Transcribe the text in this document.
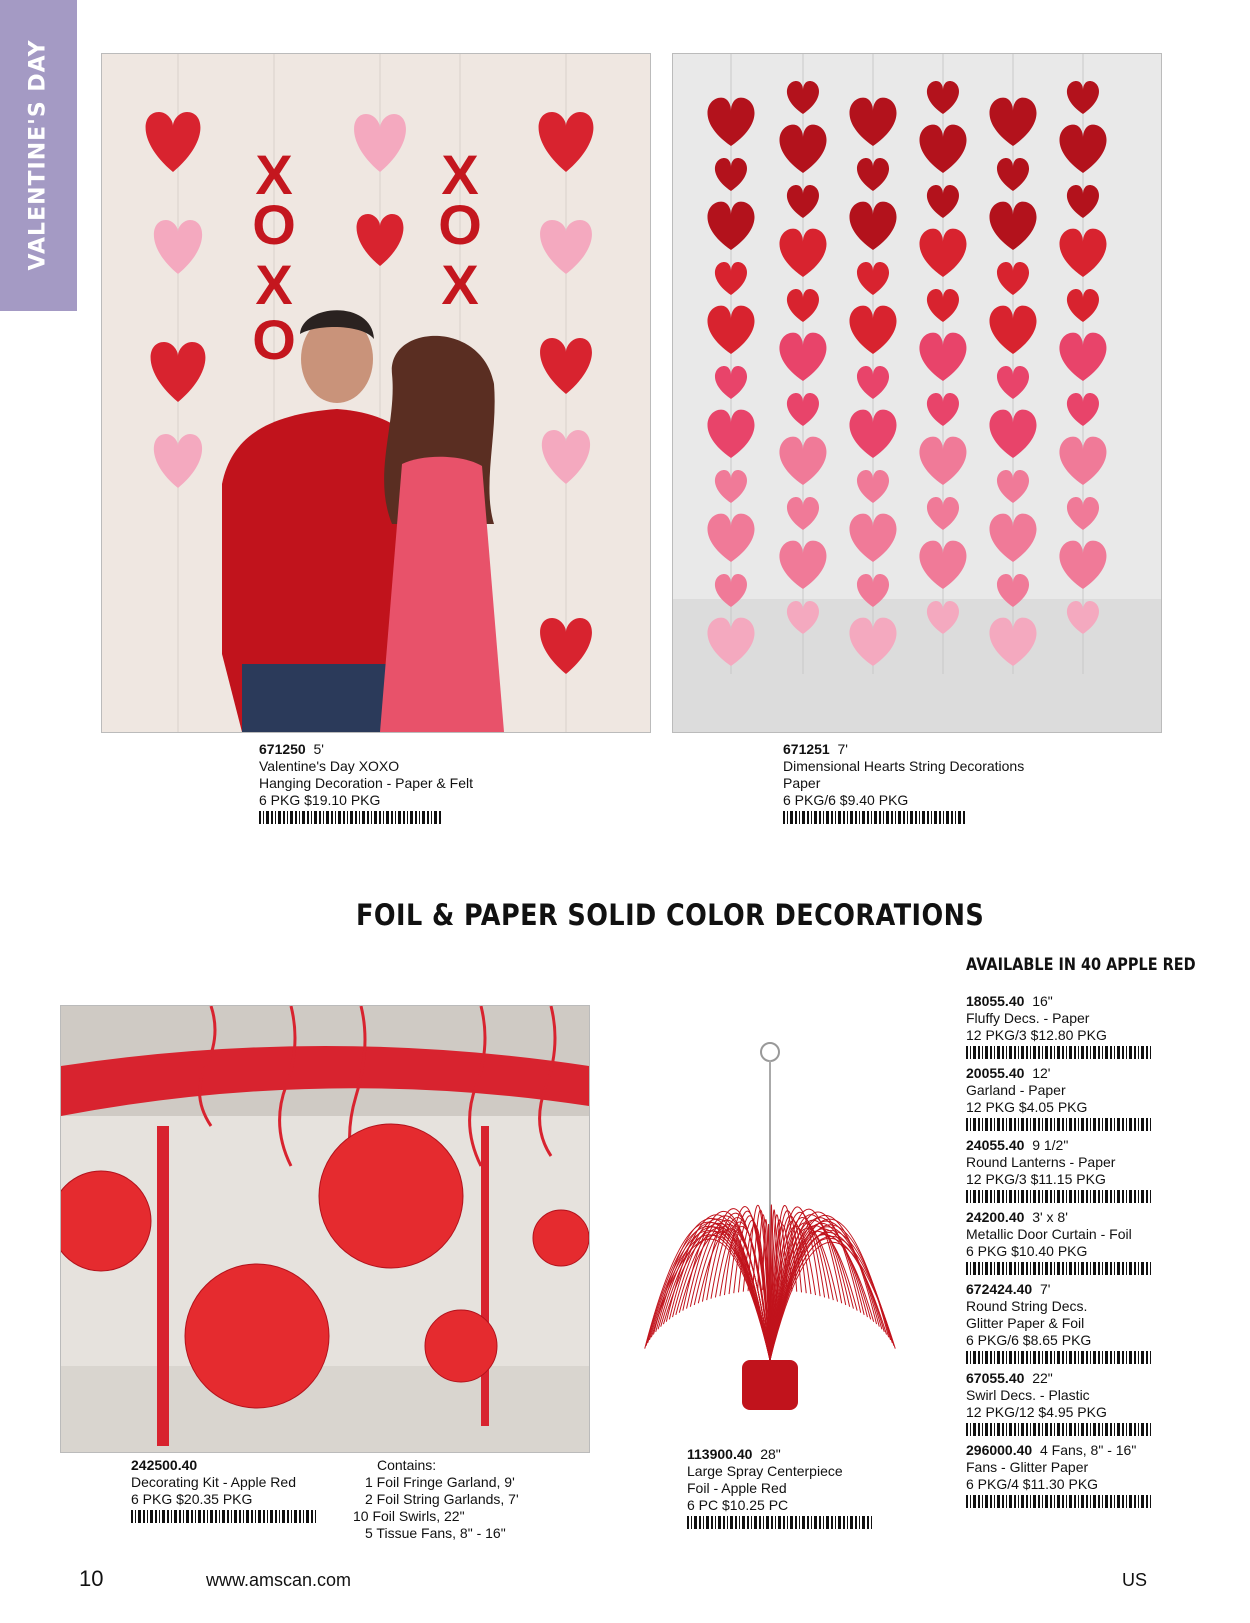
VALENTINE'S DAY	X
O
X
O
X
O
X
671250 5'
Valentine's Day XOXO
Hanging Decoration - Paper & Felt
6 PKG $19.10 PKG
671251 7'
Dimensional Hearts String Decorations
Paper
6 PKG/6 $9.40 PKG
FOIL & PAPER SOLID COLOR DECORATIONS
AVAILABLE IN 40 APPLE RED
18055.40 16"
Fluffy Decs. - Paper
12 PKG/3 $12.80 PKG
20055.40 12'
Garland - Paper
12 PKG $4.05 PKG
24055.40 9 1/2"
Round Lanterns - Paper
12 PKG/3 $11.15 PKG
24200.40 3' x 8'
Metallic Door Curtain - Foil
6 PKG $10.40 PKG
672424.40 7'
Round String Decs.
Glitter Paper & Foil
6 PKG/6 $8.65 PKG
67055.40 22"
Swirl Decs. - Plastic
12 PKG/12 $4.95 PKG
296000.40 4 Fans, 8" - 16"
Fans - Glitter Paper
6 PKG/4 $11.30 PKG
242500.40
Decorating Kit - Apple Red
6 PKG $20.35 PKG
Contains:
1 Foil Fringe Garland, 9'
2 Foil String Garlands, 7'
10 Foil Swirls, 22"
5 Tissue Fans, 8" - 16"
113900.40 28"
Large Spray Centerpiece
Foil - Apple Red
6 PC $10.25 PC
10	www.amscan.com	US
